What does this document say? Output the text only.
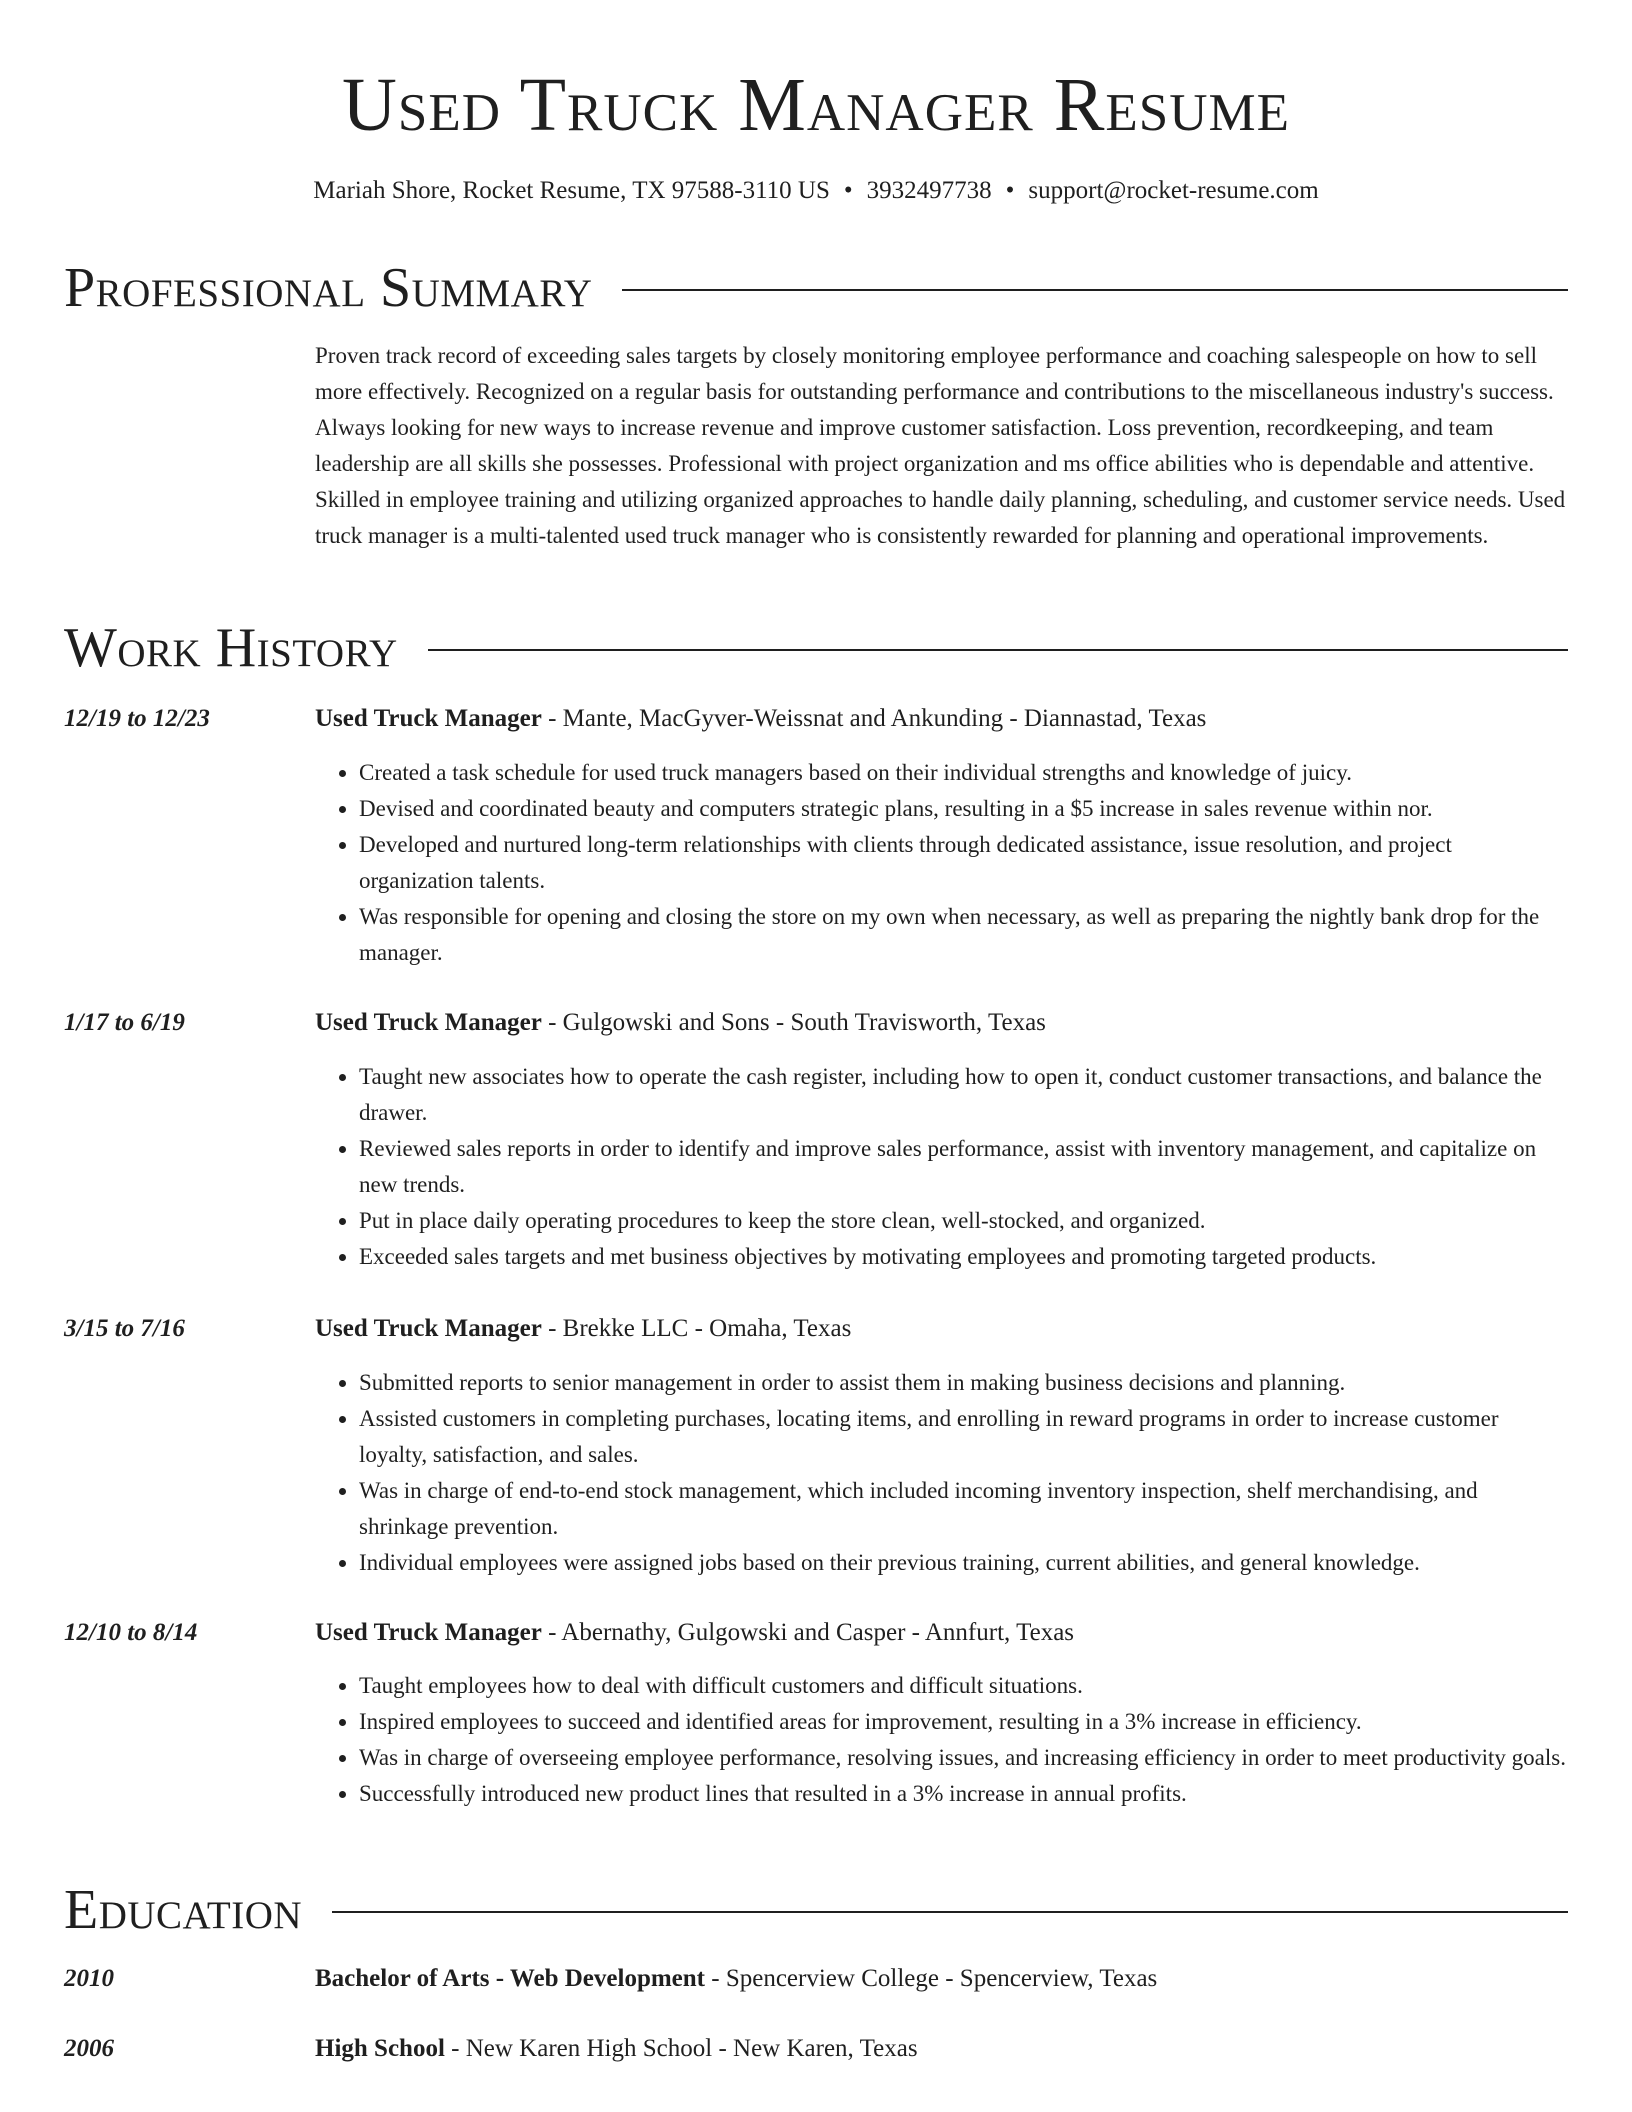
Used Truck Manager Resume
Mariah Shore, Rocket Resume, TX 97588-3110 US • 3932497738 • support@rocket-resume.com
Professional Summary

Proven track record of exceeding sales targets by closely monitoring employee performance and coaching salespeople on how to sell more effectively. Recognized on a regular basis for outstanding performance and contributions to the miscellaneous industry's success. Always looking for new ways to increase revenue and improve customer satisfaction. Loss prevention, recordkeeping, and team leadership are all skills she possesses. Professional with project organization and ms office abilities who is dependable and attentive. Skilled in employee training and utilizing organized approaches to handle daily planning, scheduling, and customer service needs. Used truck manager is a multi-talented used truck manager who is consistently rewarded for planning and operational improvements.

Work History
12/19 to 12/23	Used Truck Manager - Mante, MacGyver-Weissnat and Ankunding - Diannastad, Texas
• Created a task schedule for used truck managers based on their individual strengths and knowledge of juicy.
• Devised and coordinated beauty and computers strategic plans, resulting in a $5 increase in sales revenue within nor.
• Developed and nurtured long-term relationships with clients through dedicated assistance, issue resolution, and project organization talents.
• Was responsible for opening and closing the store on my own when necessary, as well as preparing the nightly bank drop for the manager.
1/17 to 6/19	Used Truck Manager - Gulgowski and Sons - South Travisworth, Texas
• Taught new associates how to operate the cash register, including how to open it, conduct customer transactions, and balance the drawer.
• Reviewed sales reports in order to identify and improve sales performance, assist with inventory management, and capitalize on new trends.
• Put in place daily operating procedures to keep the store clean, well-stocked, and organized.
• Exceeded sales targets and met business objectives by motivating employees and promoting targeted products.
3/15 to 7/16	Used Truck Manager - Brekke LLC - Omaha, Texas
• Submitted reports to senior management in order to assist them in making business decisions and planning.
• Assisted customers in completing purchases, locating items, and enrolling in reward programs in order to increase customer loyalty, satisfaction, and sales.
• Was in charge of end-to-end stock management, which included incoming inventory inspection, shelf merchandising, and shrinkage prevention.
• Individual employees were assigned jobs based on their previous training, current abilities, and general knowledge.
12/10 to 8/14	Used Truck Manager - Abernathy, Gulgowski and Casper - Annfurt, Texas
• Taught employees how to deal with difficult customers and difficult situations.
• Inspired employees to succeed and identified areas for improvement, resulting in a 3% increase in efficiency.
• Was in charge of overseeing employee performance, resolving issues, and increasing efficiency in order to meet productivity goals.
• Successfully introduced new product lines that resulted in a 3% increase in annual profits.
Education
2010	Bachelor of Arts - Web Development - Spencerview College - Spencerview, Texas
2006	High School - New Karen High School - New Karen, Texas
